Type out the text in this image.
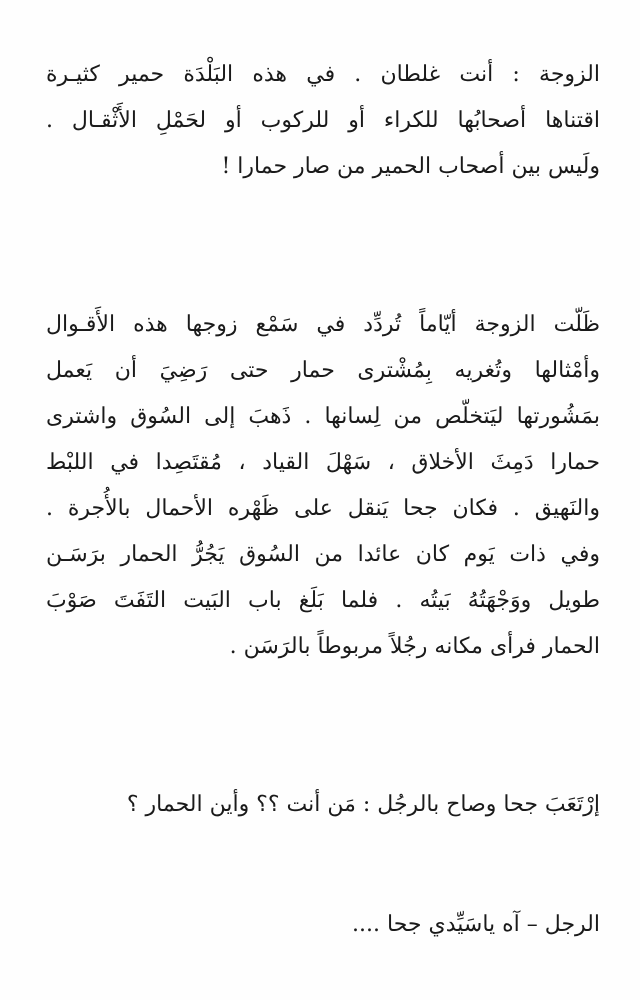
الزوجة : أنت غلطان . في هذه البَلْدَة حمير كثيـرة
اقتناها أصحابُها للكراء أو للركوب أو لحَمْلِ الأَثْقـال .
ولَيس بين أصحاب الحمير من صار حمارا !
ظَلّت الزوجة أيّاماً تُردِّد في سَمْع زوجها هذه الأَقـوال
وأمْثالها وتُغريه بِمُشْترى حمار حتى رَضِيَ أن يَعمل
بمَشُورتها ليَتخلّص من لِسانها . ذَهبَ إلى السُوق واشترى
حمارا دَمِثَ الأخلاق ، سَهْلَ القياد ، مُقتَصِدا في اللبْط
والنَهيق . فكان جحا يَنقل على ظَهْره الأحمال بالأُجرة .
وفي ذات يَوم كان عائدا من السُوق يَجُرُّ الحمار برَسَـن
طويل ووَجْهَتُهُ بَيتُه . فلما بَلَغ باب البَيت التَفَتَ صَوْبَ
الحمار فرأى مكانه رجُلاً مربوطاً بالرَسَن .
إرْتَعَبَ جحا وصاح بالرجُل : مَن أنت ؟؟ وأين الحمار ؟
الرجل – آه ياسَيِّدي جحا ....
